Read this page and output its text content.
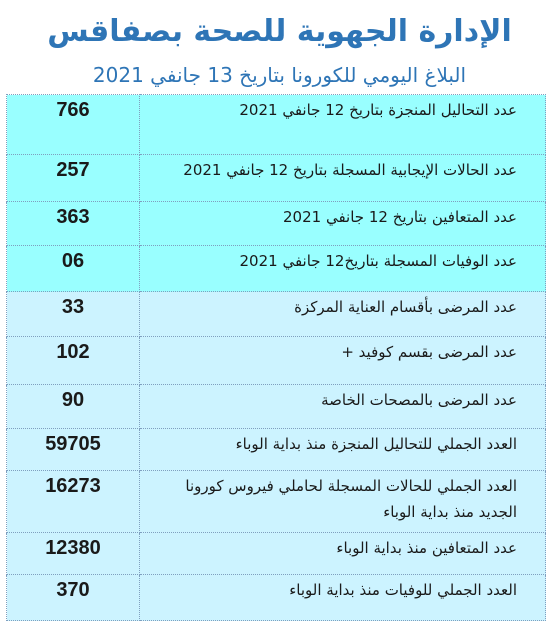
الإدارة الجهوية للصحة بصفاقس
البلاغ اليومي للكورونا بتاريخ 13 جانفي 2021
766	عدد التحاليل المنجزة بتاريخ 12 جانفي 2021
257	عدد الحالات الإيجابية المسجلة بتاريخ 12 جانفي 2021
363	عدد المتعافين بتاريخ 12 جانفي 2021
06	عدد الوفيات المسجلة بتاريخ12 جانفي 2021
33	عدد المرضى بأقسام العناية المركزة
102	عدد المرضى بقسم كوفيد +
90	عدد المرضى بالمصحات الخاصة
59705	العدد الجملي للتحاليل المنجزة منذ بداية الوباء
16273	العدد الجملي للحالات المسجلة لحاملي فيروس كورونا الجديد منذ بداية الوباء
12380	عدد المتعافين منذ بداية الوباء
370	العدد الجملي للوفيات منذ بداية الوباء
